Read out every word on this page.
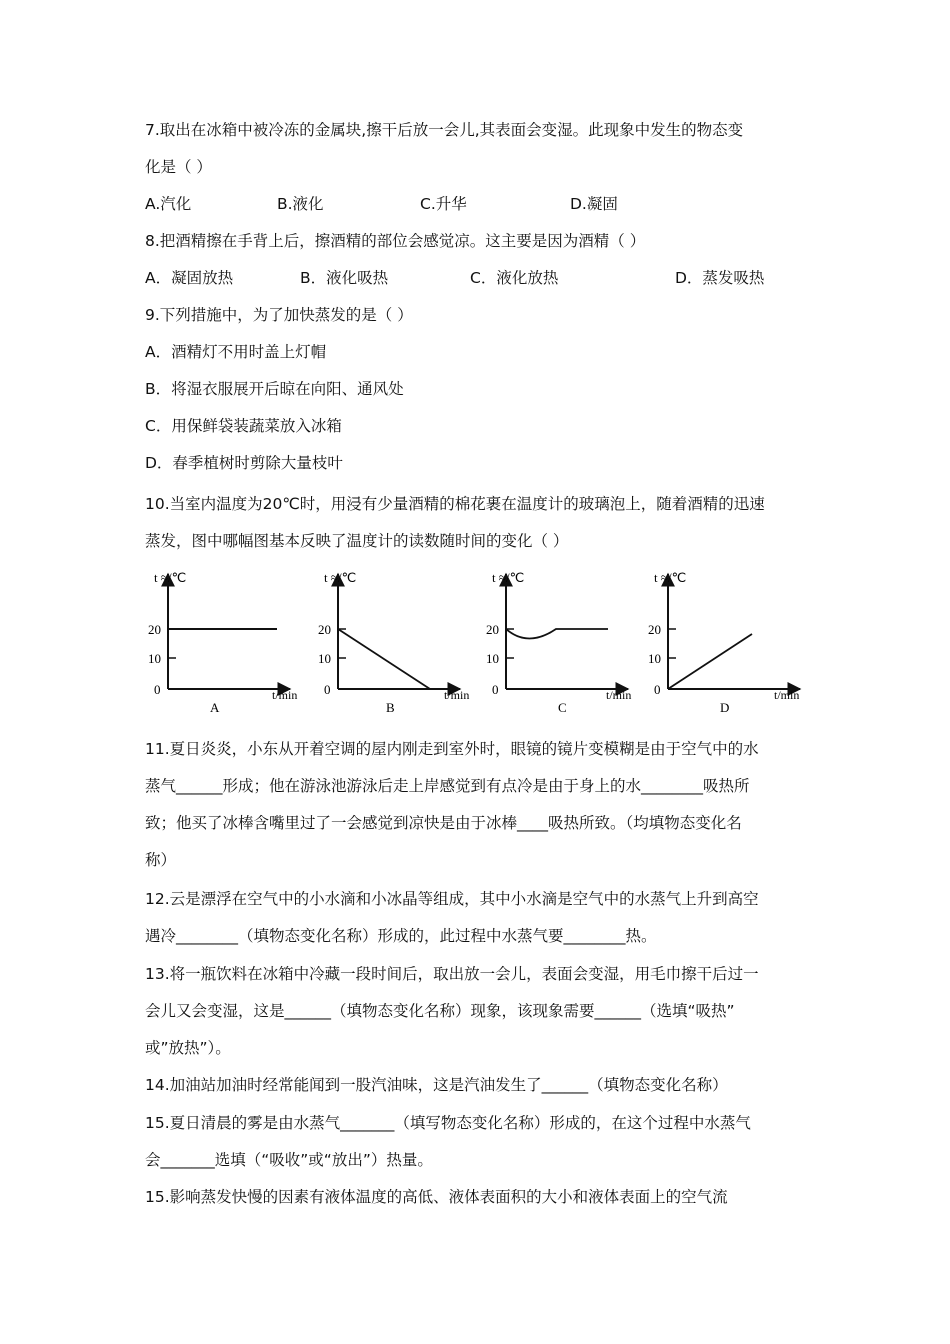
7.取出在冰箱中被冷冻的金属块,擦干后放一会儿,其表面会变湿。此现象中发生的物态变
化是（ ）
A.汽化	B.液化	C.升华	D.凝固
8.把酒精擦在手背上后，擦酒精的部位会感觉凉。这主要是因为酒精（ ）
A．凝固放热	B．液化吸热	C．液化放热	D．蒸发吸热
9.下列措施中，为了加快蒸发的是（ ）
A．酒精灯不用时盖上灯帽
B．将湿衣服展开后晾在向阳、通风处
C．用保鲜袋装蔬菜放入冰箱
D．春季植树时剪除大量枝叶
10.当室内温度为20℃时，用浸有少量酒精的棉花裹在温度计的玻璃泡上，随着酒精的迅速
蒸发，图中哪幅图基本反映了温度计的读数随时间的变化（ ）
t ≈/℃
20
10
0	t/min
A
t ≈/℃
20
10
0	t/min
B
t ≈/℃
20
10
0	t/min
C
t ≈/℃
20
10
0	t/min
D
11.夏日炎炎，小东从开着空调的屋内刚走到室外时，眼镜的镜片变模糊是由于空气中的水
蒸气______形成；他在游泳池游泳后走上岸感觉到有点冷是由于身上的水________吸热所
致；他买了冰棒含嘴里过了一会感觉到凉快是由于冰棒____吸热所致。（均填物态变化名
称）
12.云是漂浮在空气中的小水滴和小冰晶等组成，其中小水滴是空气中的水蒸气上升到高空
遇冷________（填物态变化名称）形成的，此过程中水蒸气要________热。
13.将一瓶饮料在冰箱中冷藏一段时间后，取出放一会儿，表面会变湿，用毛巾擦干后过一
会儿又会变湿，这是______（填物态变化名称）现象，该现象需要______（选填“吸热”
或”放热”）。
14.加油站加油时经常能闻到一股汽油味，这是汽油发生了______（填物态变化名称）
15.夏日清晨的雾是由水蒸气_______（填写物态变化名称）形成的，在这个过程中水蒸气
会_______选填（“吸收”或“放出”）热量。
15.影响蒸发快慢的因素有液体温度的高低、液体表面积的大小和液体表面上的空气流
